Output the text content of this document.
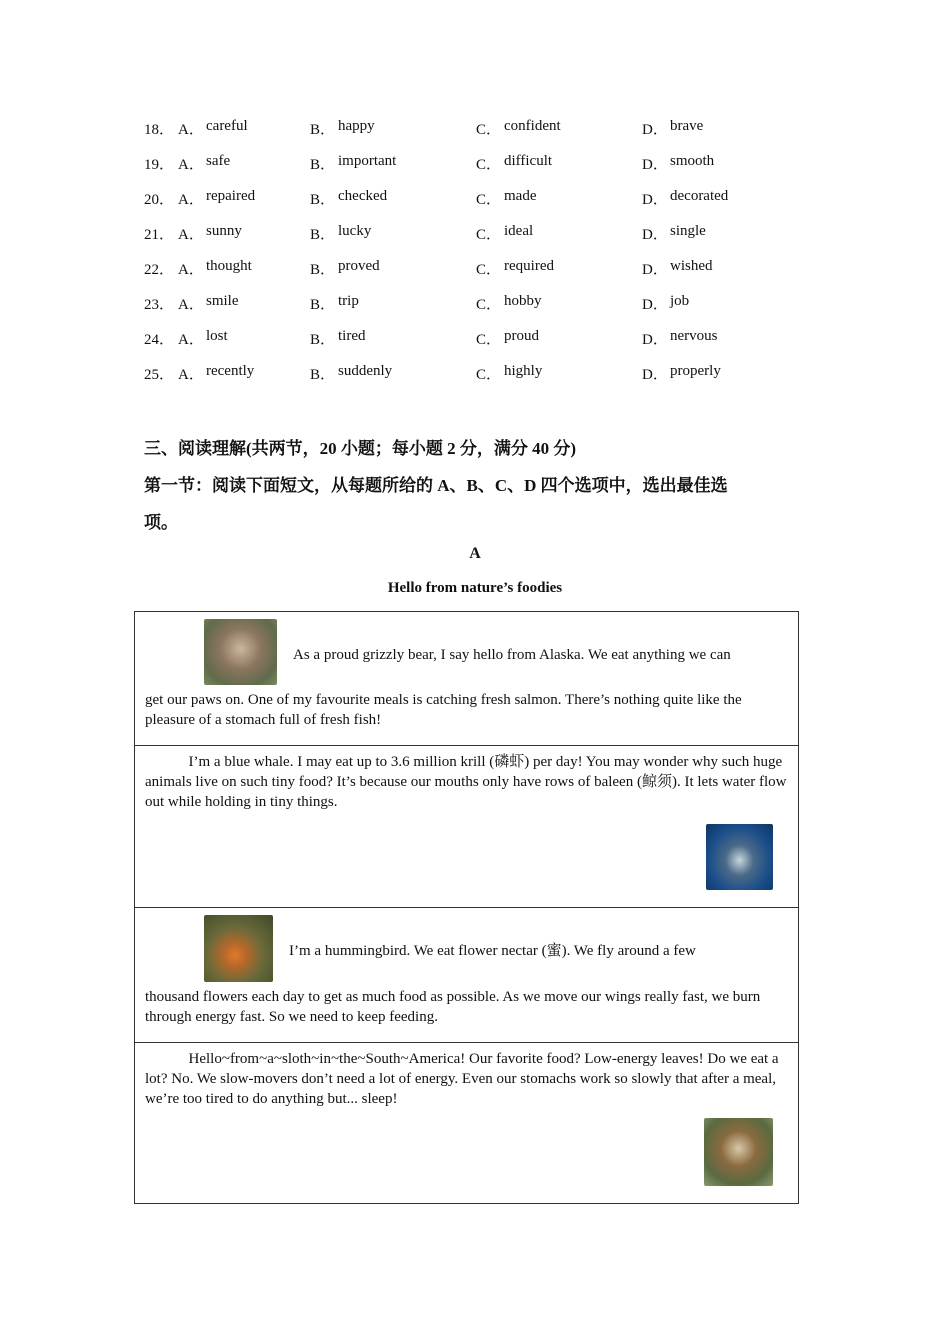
18． A． careful	B． happy	C． confident	D． brave
19． A． safe	B． important	C． difficult	D． smooth
20． A． repaired	B． checked	C． made	D． decorated
21． A． sunny	B． lucky	C． ideal	D． single
22． A． thought	B． proved	C． required	D． wished
23． A． smile	B． trip	C． hobby	D． job
24． A． lost	B． tired	C． proud	D． nervous
25． A． recently	B． suddenly	C． highly	D． properly
三、阅读理解(共两节，20 小题；每小题 2 分，满分 40 分)
第一节：阅读下面短文，从每题所给的 A、B、C、D 四个选项中，选出最佳选
项。
A
Hello from nature’s foodies
As a proud grizzly bear, I say hello from Alaska. We eat anything we can
get our paws on. One of my favourite meals is catching fresh salmon. There’s nothing quite like the pleasure of a stomach full of fresh fish!

I’m a blue whale. I may eat up to 3.6 million krill (磷虾) per day! You may wonder why such huge animals live on such tiny food? It’s because our mouths only have rows of baleen (鲸须). It lets water flow out while holding in tiny things.

I’m a hummingbird. We eat flower nectar (蜜). We fly around a few
thousand flowers each day to get as much food as possible. As we move our wings really fast, we burn through energy fast. So we need to keep feeding.

Hello~from~a~sloth~in~the~South~America! Our favorite food? Low-energy leaves! Do we eat a lot? No. We slow-movers don’t need a lot of energy. Even our stomachs work so slowly that after a meal, we’re too tired to do anything but... sleep!
